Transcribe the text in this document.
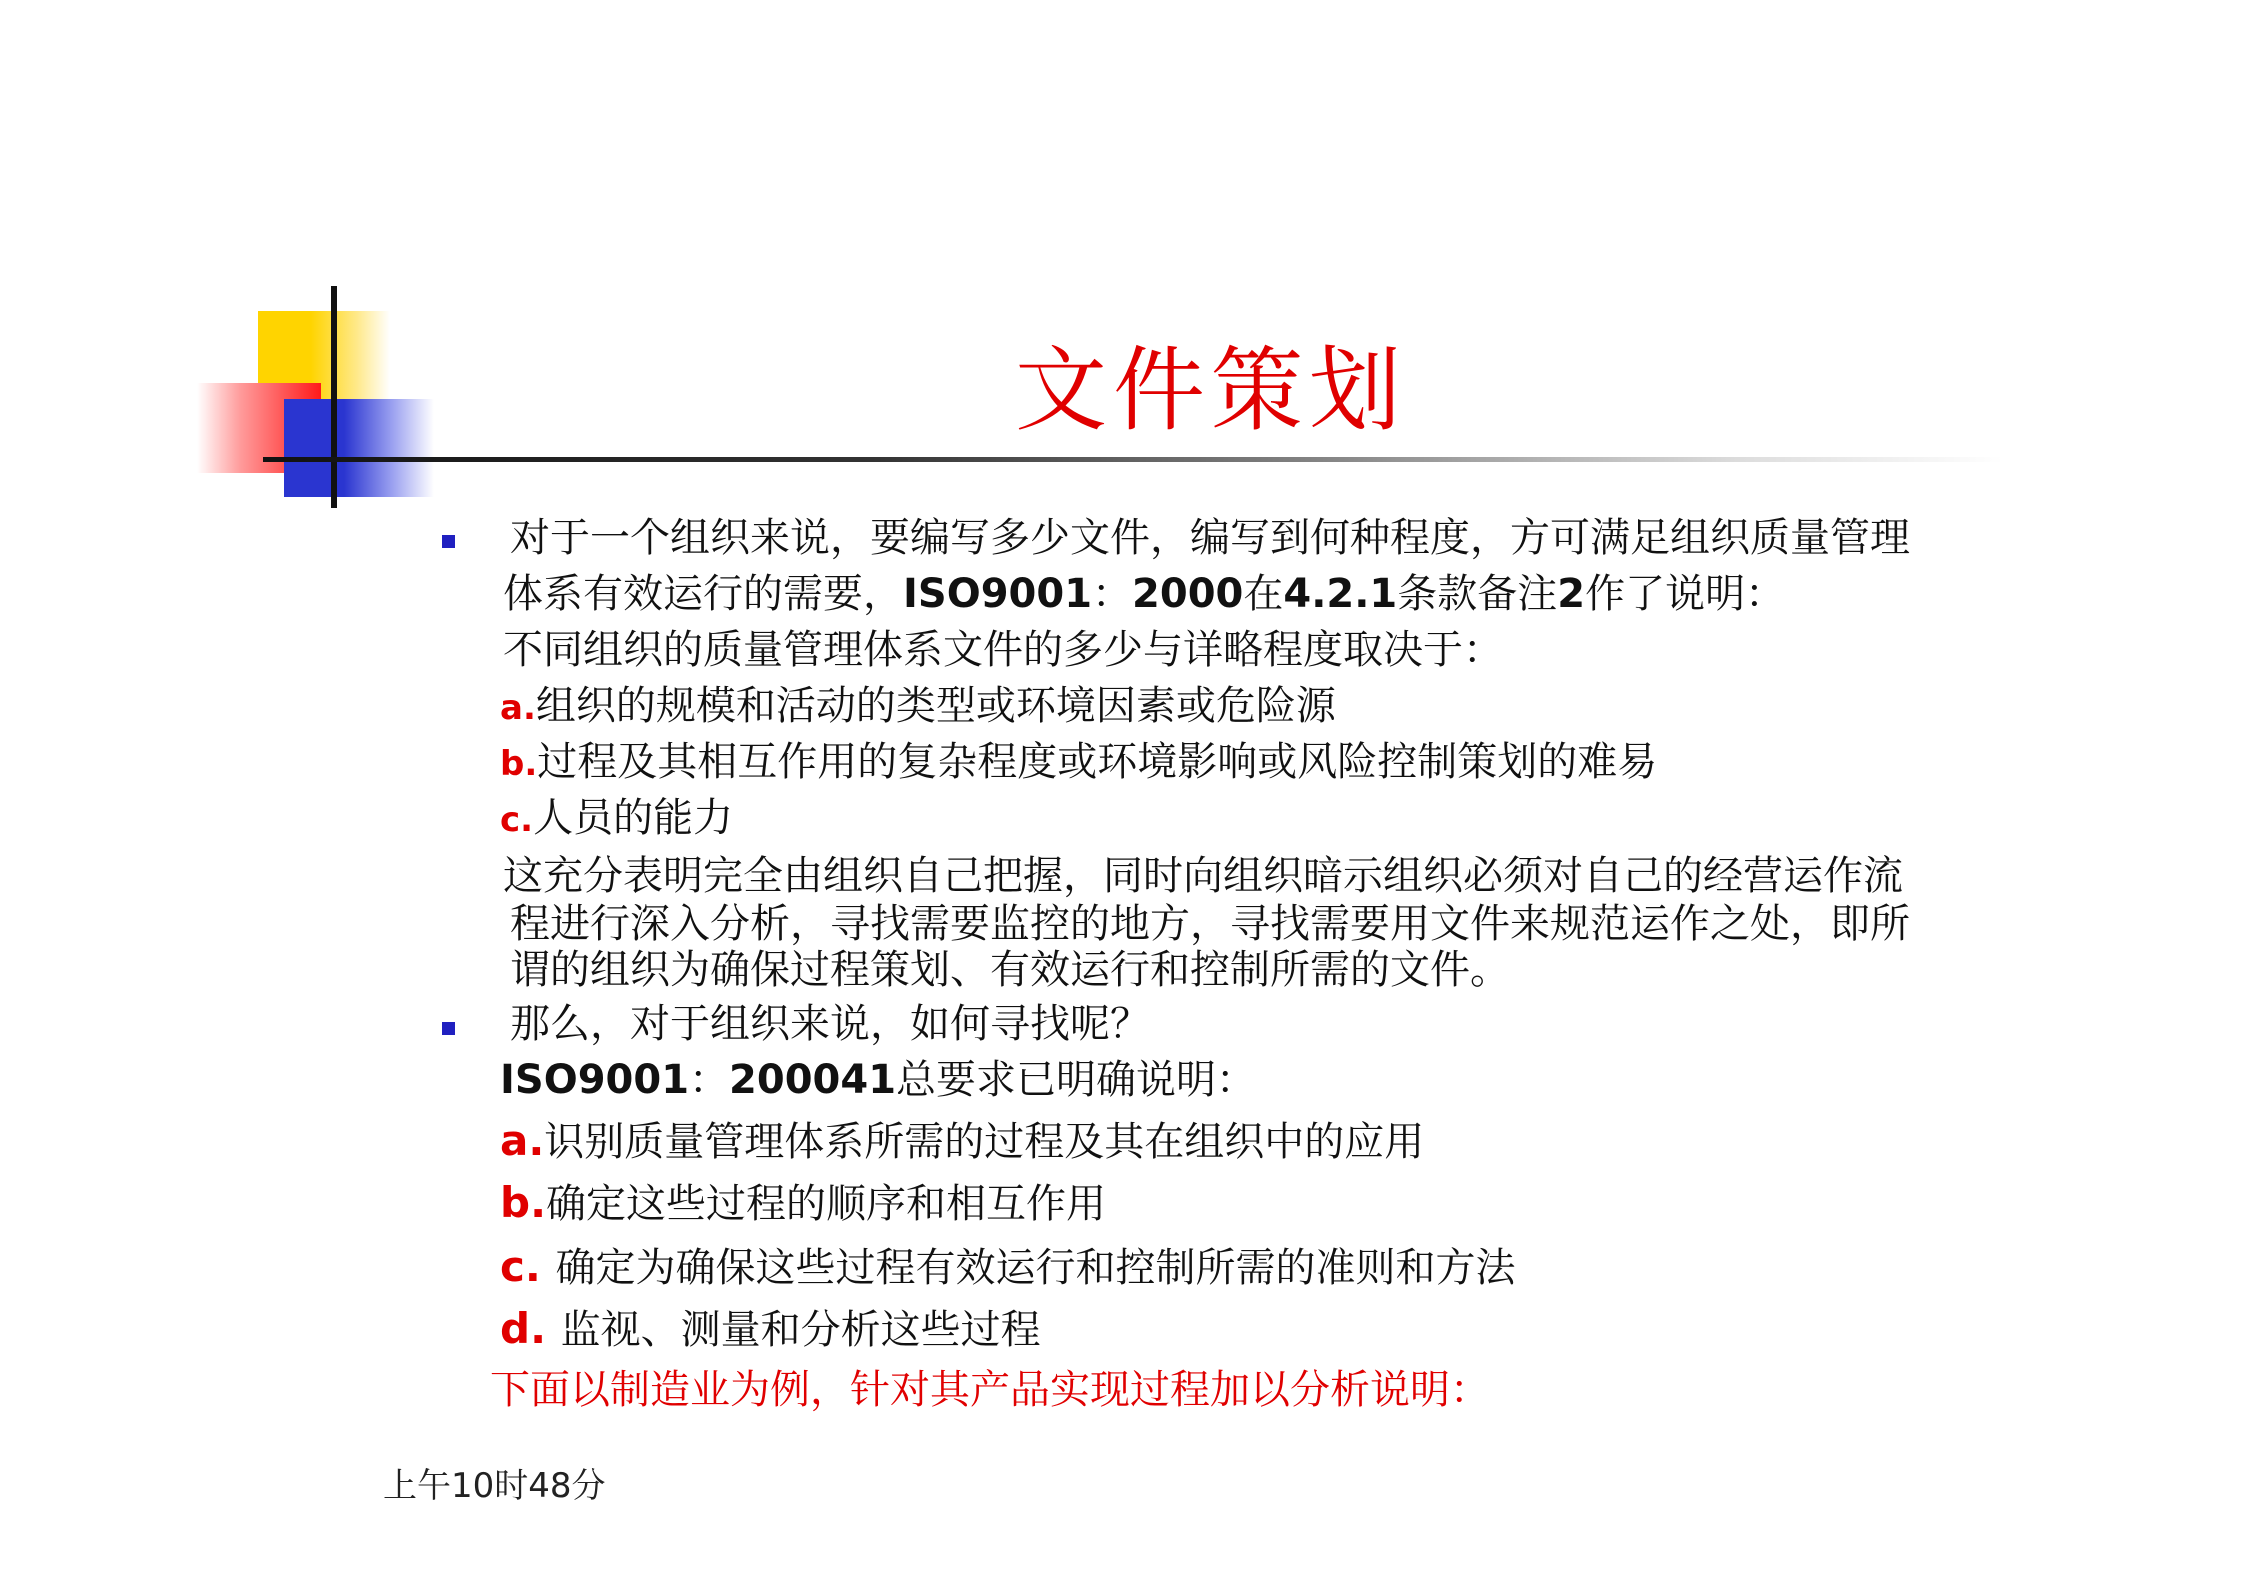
文件策划
对于一个组织来说，要编写多少文件，编写到何种程度，方可满足组织质量管理
体系有效运行的需要，ISO9001：2000在4.2.1条款备注2作了说明：
不同组织的质量管理体系文件的多少与详略程度取决于：
a.组织的规模和活动的类型或环境因素或危险源
b.过程及其相互作用的复杂程度或环境影响或风险控制策划的难易
c.人员的能力
这充分表明完全由组织自己把握，同时向组织暗示组织必须对自己的经营运作流
程进行深入分析，寻找需要监控的地方，寻找需要用文件来规范运作之处，即所
谓的组织为确保过程策划、有效运行和控制所需的文件。
那么，对于组织来说，如何寻找呢？
ISO9001：200041总要求已明确说明：
a.识别质量管理体系所需的过程及其在组织中的应用
b.确定这些过程的顺序和相互作用
c. 确定为确保这些过程有效运行和控制所需的准则和方法
d. 监视、测量和分析这些过程
下面以制造业为例，针对其产品实现过程加以分析说明：
上午10时48分
